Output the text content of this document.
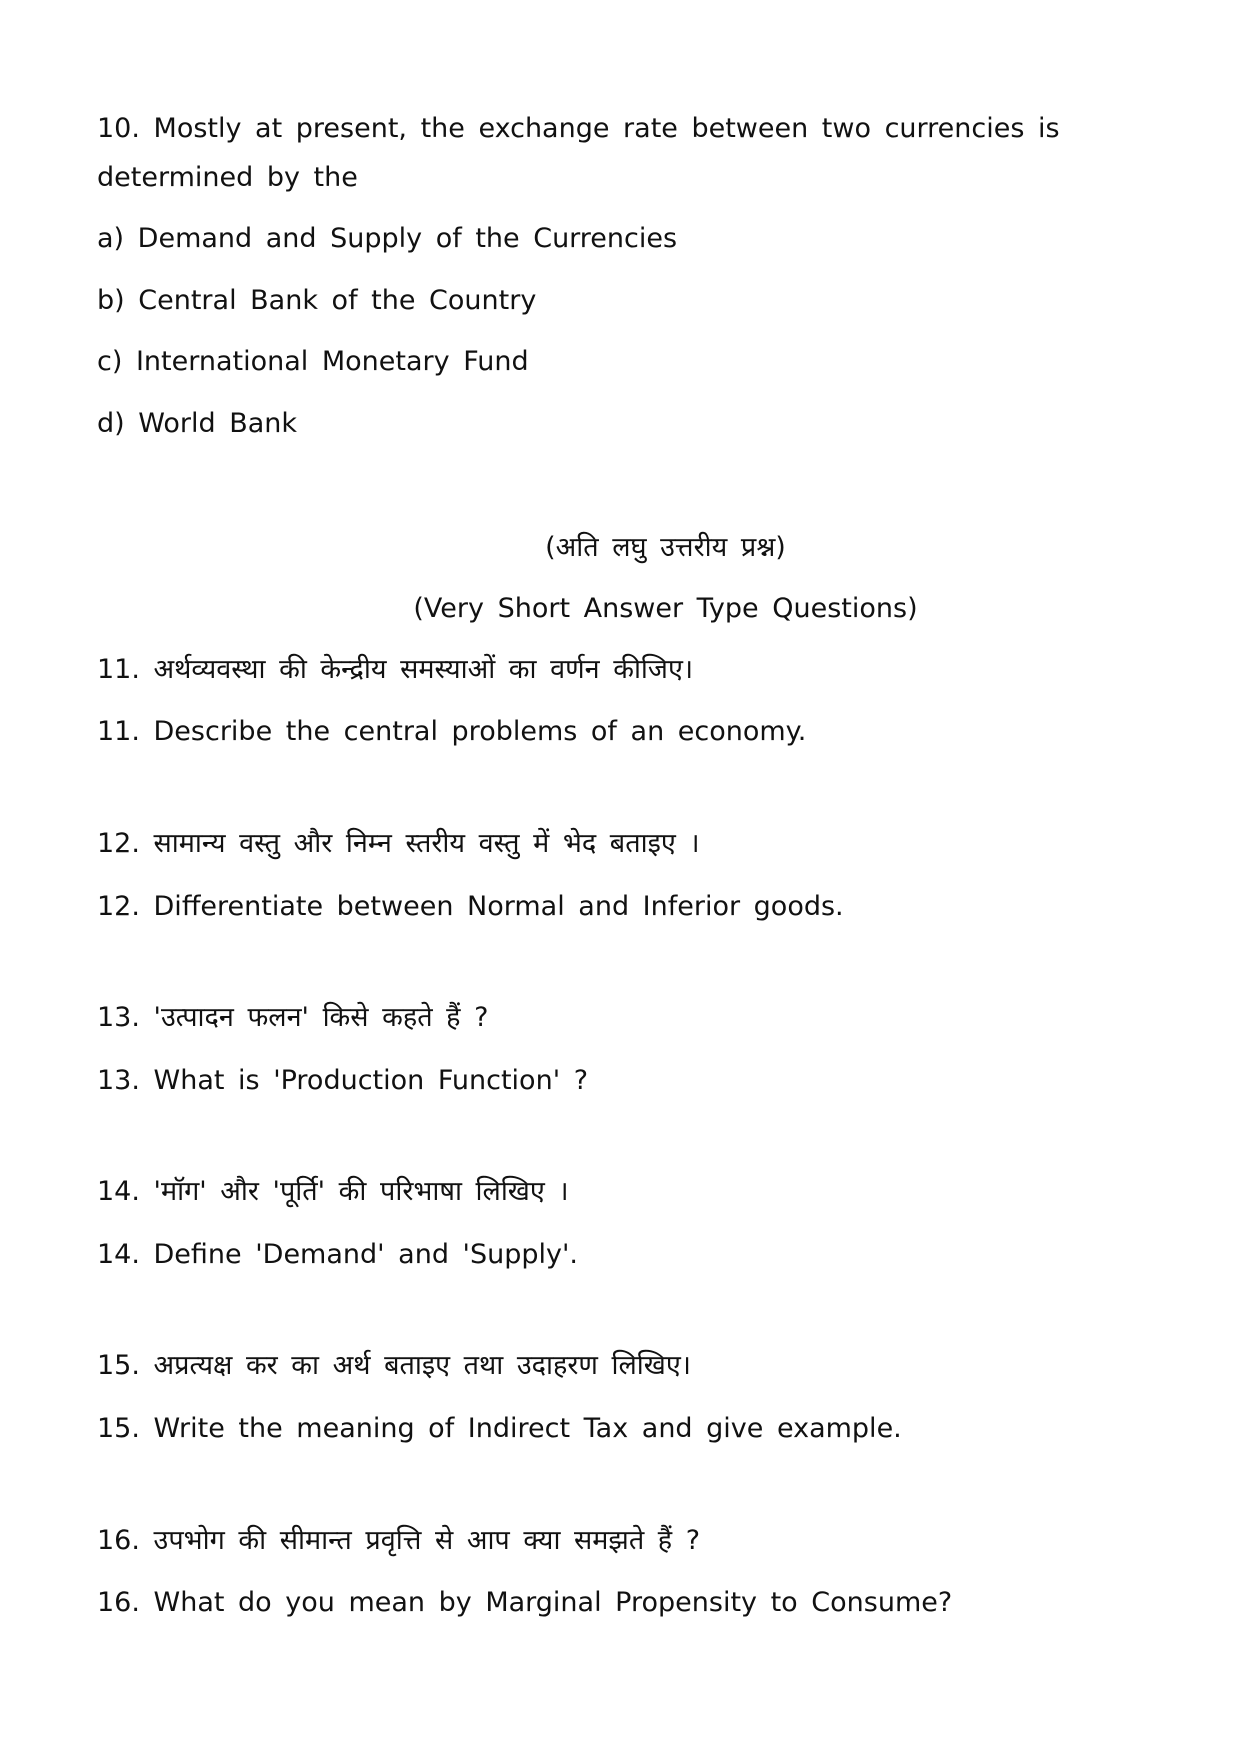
10. Mostly at present, the exchange rate between two currencies is
determined by the
a) Demand and Supply of the Currencies
b) Central Bank of the Country
c) International Monetary Fund
d) World Bank
(अति लघु उत्तरीय प्रश्न)
(Very Short Answer Type Questions)
11. अर्थव्यवस्था की केन्द्रीय समस्याओं का वर्णन कीजिए।
11. Describe the central problems of an economy.
12. सामान्य वस्तु और निम्न स्तरीय वस्तु में भेद बताइए ।
12. Differentiate between Normal and Inferior goods.
13. 'उत्पादन फलन' किसे कहते हैं ?
13. What is 'Production Function' ?
14. 'मॉग' और 'पूर्ति' की परिभाषा लिखिए ।
14. Define 'Demand' and 'Supply'.
15. अप्रत्यक्ष कर का अर्थ बताइए तथा उदाहरण लिखिए।
15. Write the meaning of Indirect Tax and give example.
16. उपभोग की सीमान्त प्रवृत्ति से आप क्या समझते हैं ?
16. What do you mean by Marginal Propensity to Consume?
